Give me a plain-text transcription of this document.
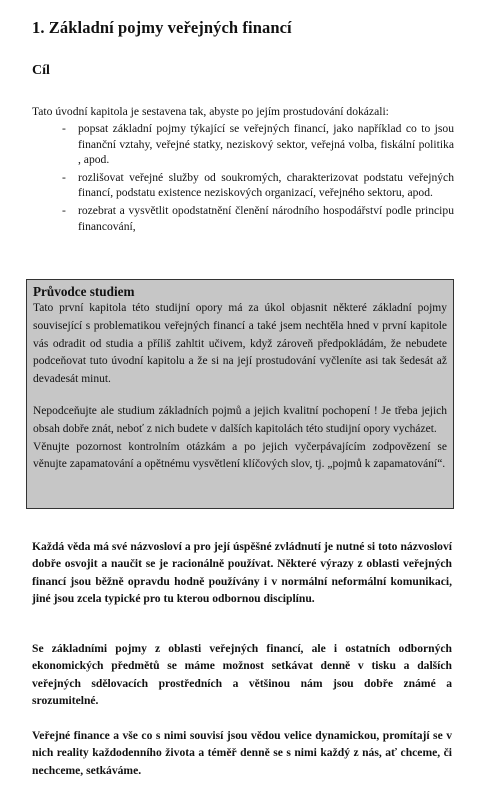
1. Základní pojmy veřejných financí
Cíl

Tato úvodní kapitola je sestavena tak, abyste po jejím prostudování dokázali:

- popsat základní pojmy týkající se veřejných financí, jako například co to jsou finanční vztahy, veřejné statky, neziskový sektor, veřejná volba, fiskální politika , apod.
- rozlišovat veřejné služby od soukromých, charakterizovat podstatu veřejných financí, podstatu existence neziskových organizací, veřejného sektoru, apod.
- rozebrat a vysvětlit opodstatnění členění národního hospodářství podle principu financování,
Průvodce studiem

Tato první kapitola této studijní opory má za úkol objasnit některé základní pojmy související s problematikou veřejných financí a také jsem nechtěla hned v první kapitole vás odradit od studia a příliš zahltit učivem, když zároveň předpokládám, že nebudete podceňovat tuto úvodní kapitolu a že si na její prostudování vyčleníte asi tak šedesát až devadesát minut.

Nepodceňujte ale studium základních pojmů a jejich kvalitní pochopení ! Je třeba jejich obsah dobře znát, neboť z nich budete v dalších kapitolách této studijní opory vycházet.

Věnujte pozornost kontrolním otázkám a po jejich vyčerpávajícím zodpovězení se věnujte zapamatování a opětnému vysvětlení klíčových slov, tj. „pojmů k zapamatování“.

Každá věda má své názvosloví a pro její úspěšné zvládnutí je nutné si toto názvosloví dobře osvojit a naučit se je racionálně používat. Některé výrazy z oblasti veřejných financí jsou běžně opravdu hodně používány i v normální neformální komunikaci, jiné jsou zcela typické pro tu kterou odbornou disciplínu.

Se základními pojmy z oblasti veřejných financí, ale i ostatních odborných ekonomických předmětů se máme možnost setkávat denně v tisku a dalších veřejných sdělovacích prostředních a většinou nám jsou dobře známé a srozumitelné.

Veřejné finance a vše co s nimi souvisí jsou vědou velice dynamickou, promítají se v nich reality každodenního života a téměř denně se s nimi každý z nás, ať chceme, či nechceme, setkáváme.
